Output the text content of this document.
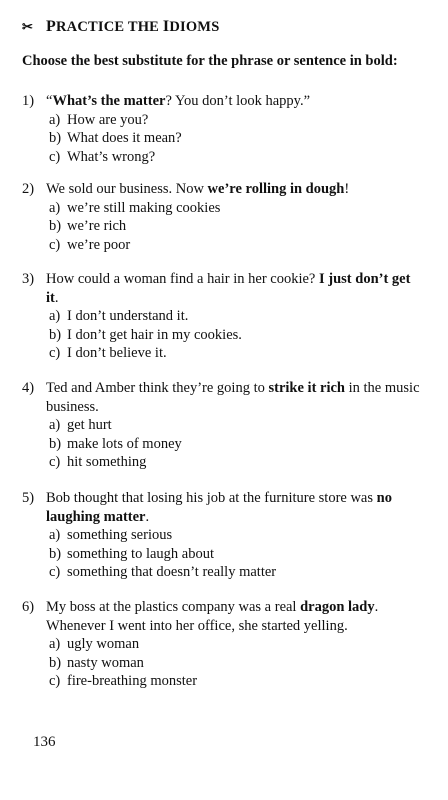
✂ PRACTICE THE IDIOMS
Choose the best substitute for the phrase or sentence in bold:
1) “What’s the matter? You don’t look happy.”
a) How are you?
b) What does it mean?
c) What’s wrong?
2) We sold our business. Now we’re rolling in dough!
a) we’re still making cookies
b) we’re rich
c) we’re poor
3) How could a woman find a hair in her cookie? I just don’t get it.
a) I don’t understand it.
b) I don’t get hair in my cookies.
c) I don’t believe it.
4) Ted and Amber think they’re going to strike it rich in the music business.
a) get hurt
b) make lots of money
c) hit something
5) Bob thought that losing his job at the furniture store was no laughing matter.
a) something serious
b) something to laugh about
c) something that doesn’t really matter
6) My boss at the plastics company was a real dragon lady. Whenever I went into her office, she started yelling.
a) ugly woman
b) nasty woman
c) fire-breathing monster
136
